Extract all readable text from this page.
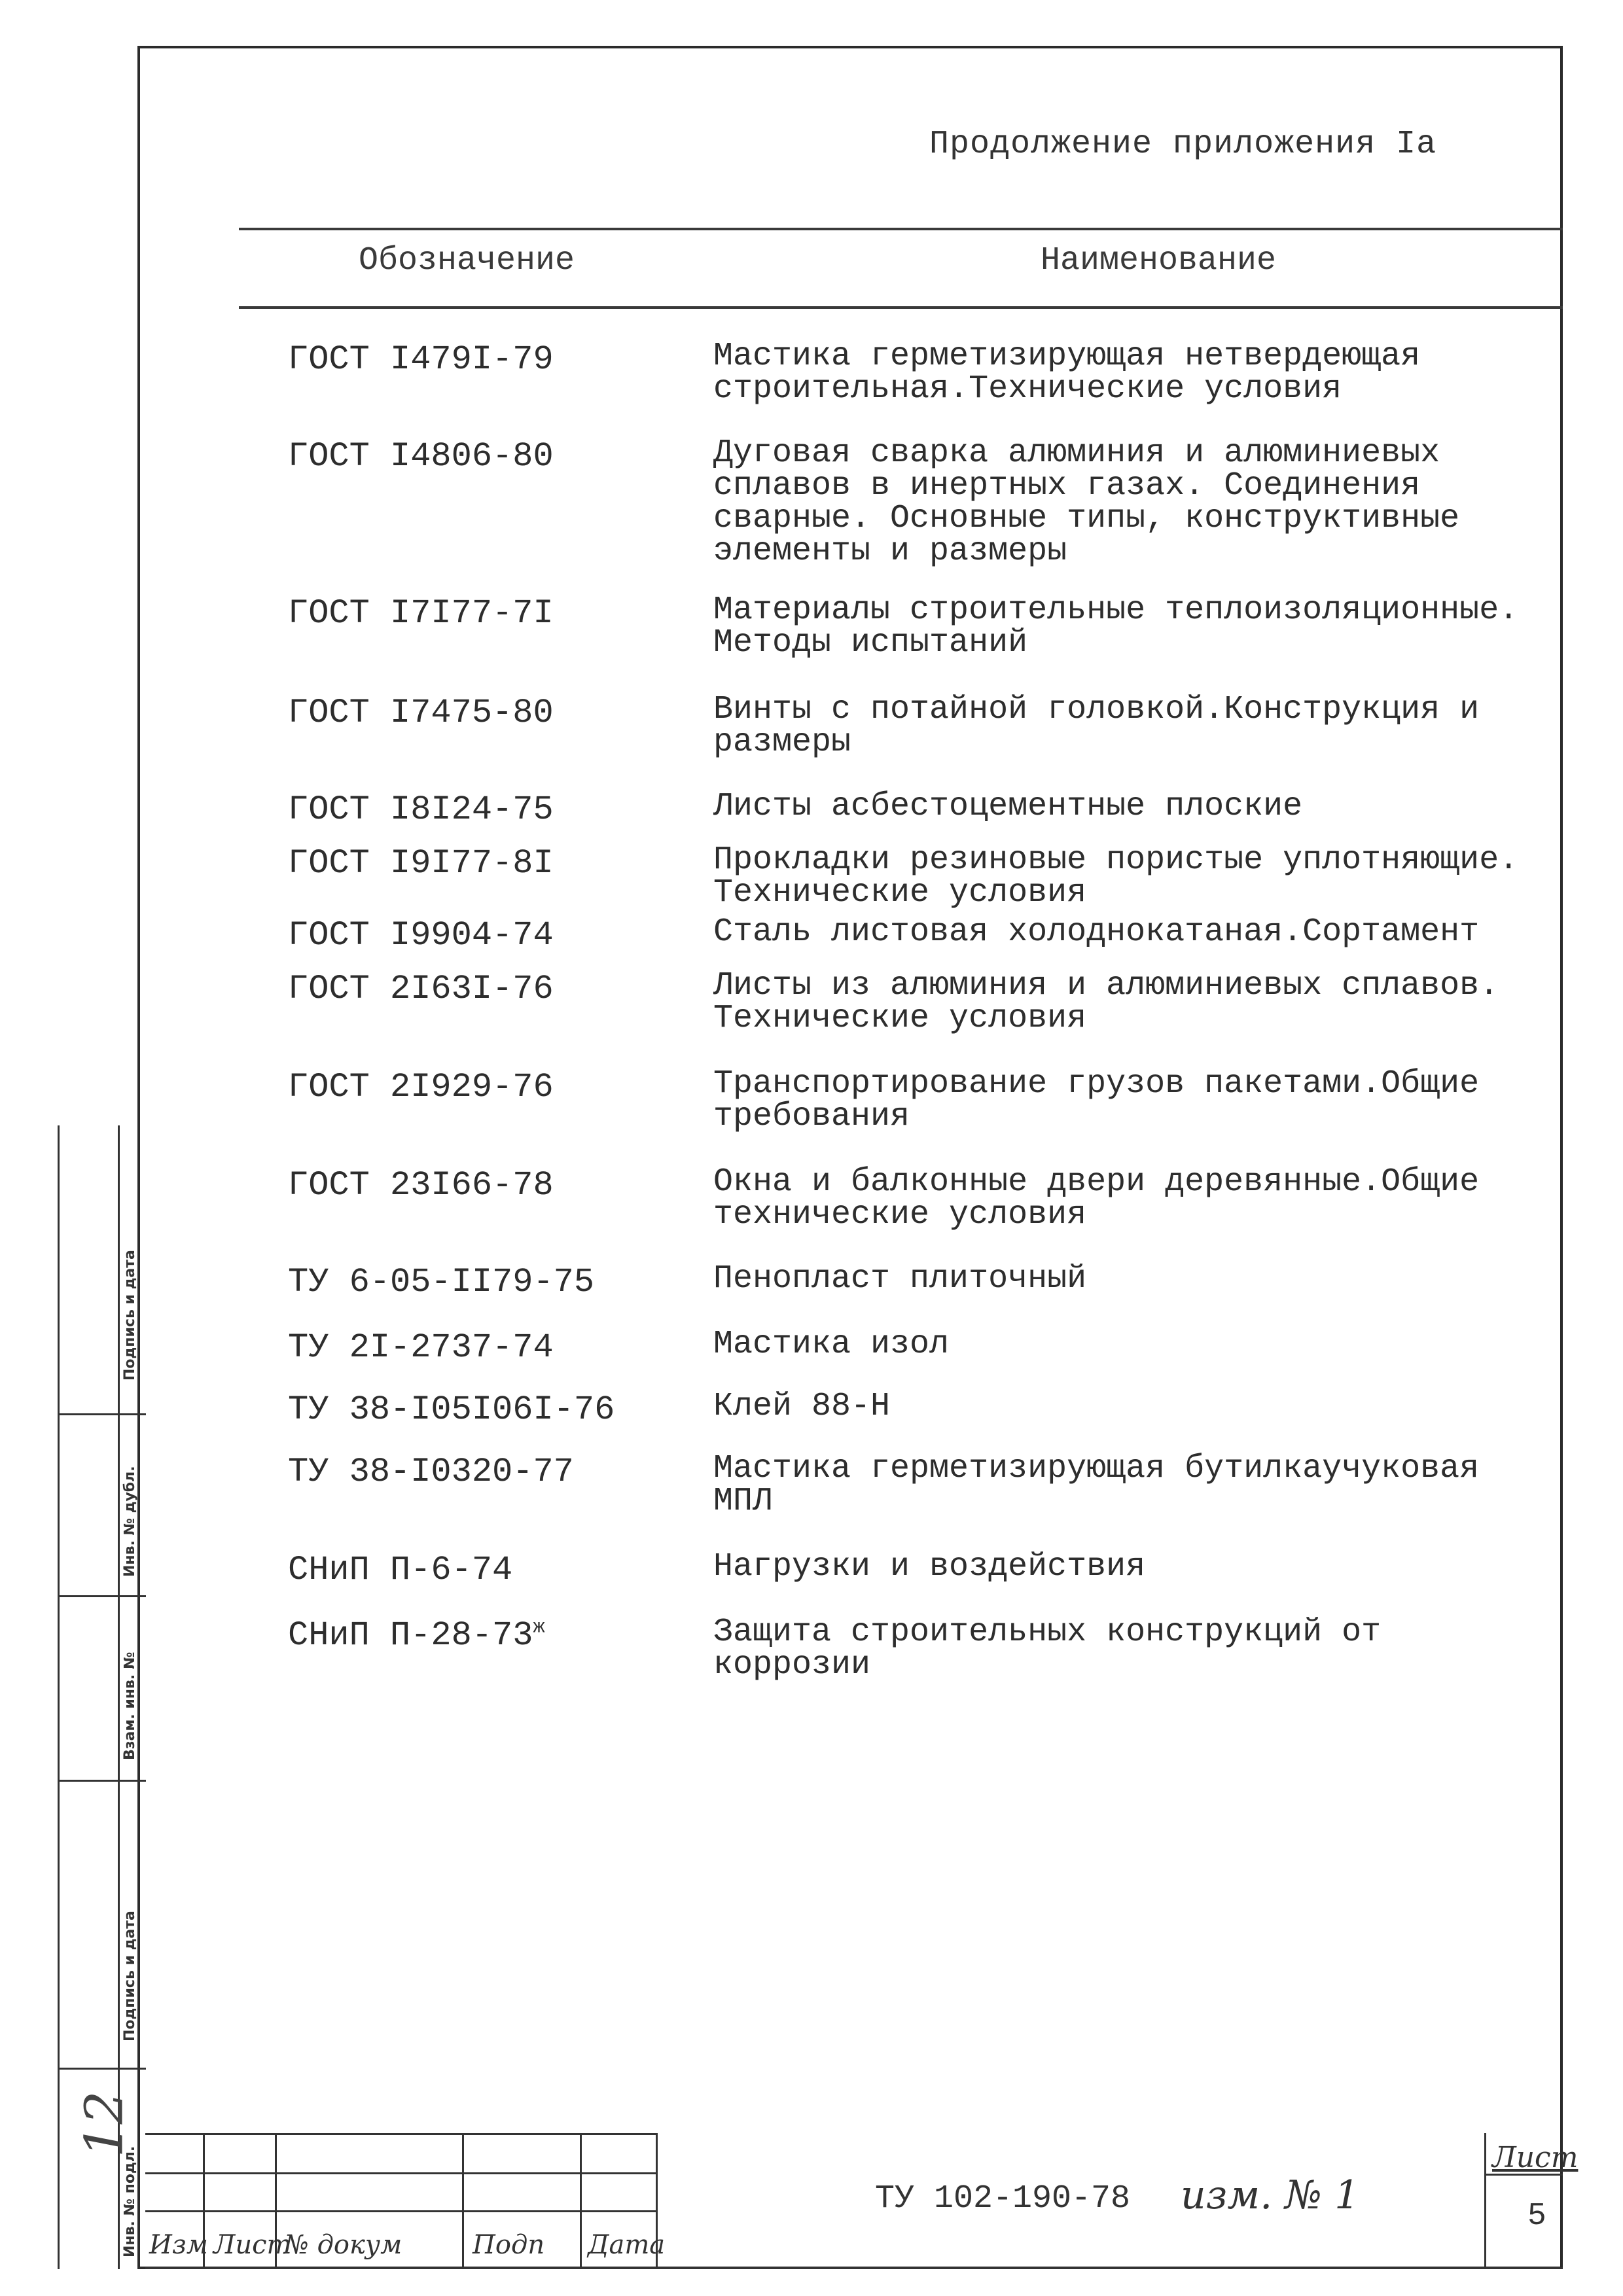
Продолжение приложения Iа
Обозначение	Наименование
ГОСТ I479I-79	Мастика герметизирующая нетвердеющая
строительная.Технические условия
ГОСТ I4806-80	Дуговая сварка алюминия и алюминиевых
сплавов в инертных газах. Соединения
сварные. Основные типы, конструктивные
элементы и размеры
ГОСТ I7I77-7I	Материалы строительные теплоизоляционные.
Методы испытаний
ГОСТ I7475-80	Винты с потайной головкой.Конструкция и
размеры
ГОСТ I8I24-75	Листы асбестоцементные плоские
ГОСТ I9I77-8I	Прокладки резиновые пористые уплотняющие.
Технические условия
ГОСТ I9904-74	Сталь листовая холоднокатаная.Сортамент
ГОСТ 2I63I-76	Листы из алюминия и алюминиевых сплавов.
Технические условия
ГОСТ 2I929-76	Транспортирование грузов пакетами.Общие
требования
ГОСТ 23I66-78	Окна и балконные двери деревянные.Общие
технические условия
ТУ 6-05-II79-75	Пенопласт плиточный
ТУ 2I-2737-74	Мастика изол
ТУ 38-I05I06I-76	Клей 88-Н
ТУ 38-I0320-77	Мастика герметизирующая бутилкаучуковая
МПЛ
СНиП П-6-74	Нагрузки и воздействия
СНиП $П-28-73^ж$	Защита строительных конструкций от
коррозии
Подпись и дата
Инв. № дубл.
Взам. инв. №
Подпись и дата
Инв. № подл.
12
Изм Лист
№ докум	Подп Дата
ТУ 102-190-78 изм. № 1
Лист
5
